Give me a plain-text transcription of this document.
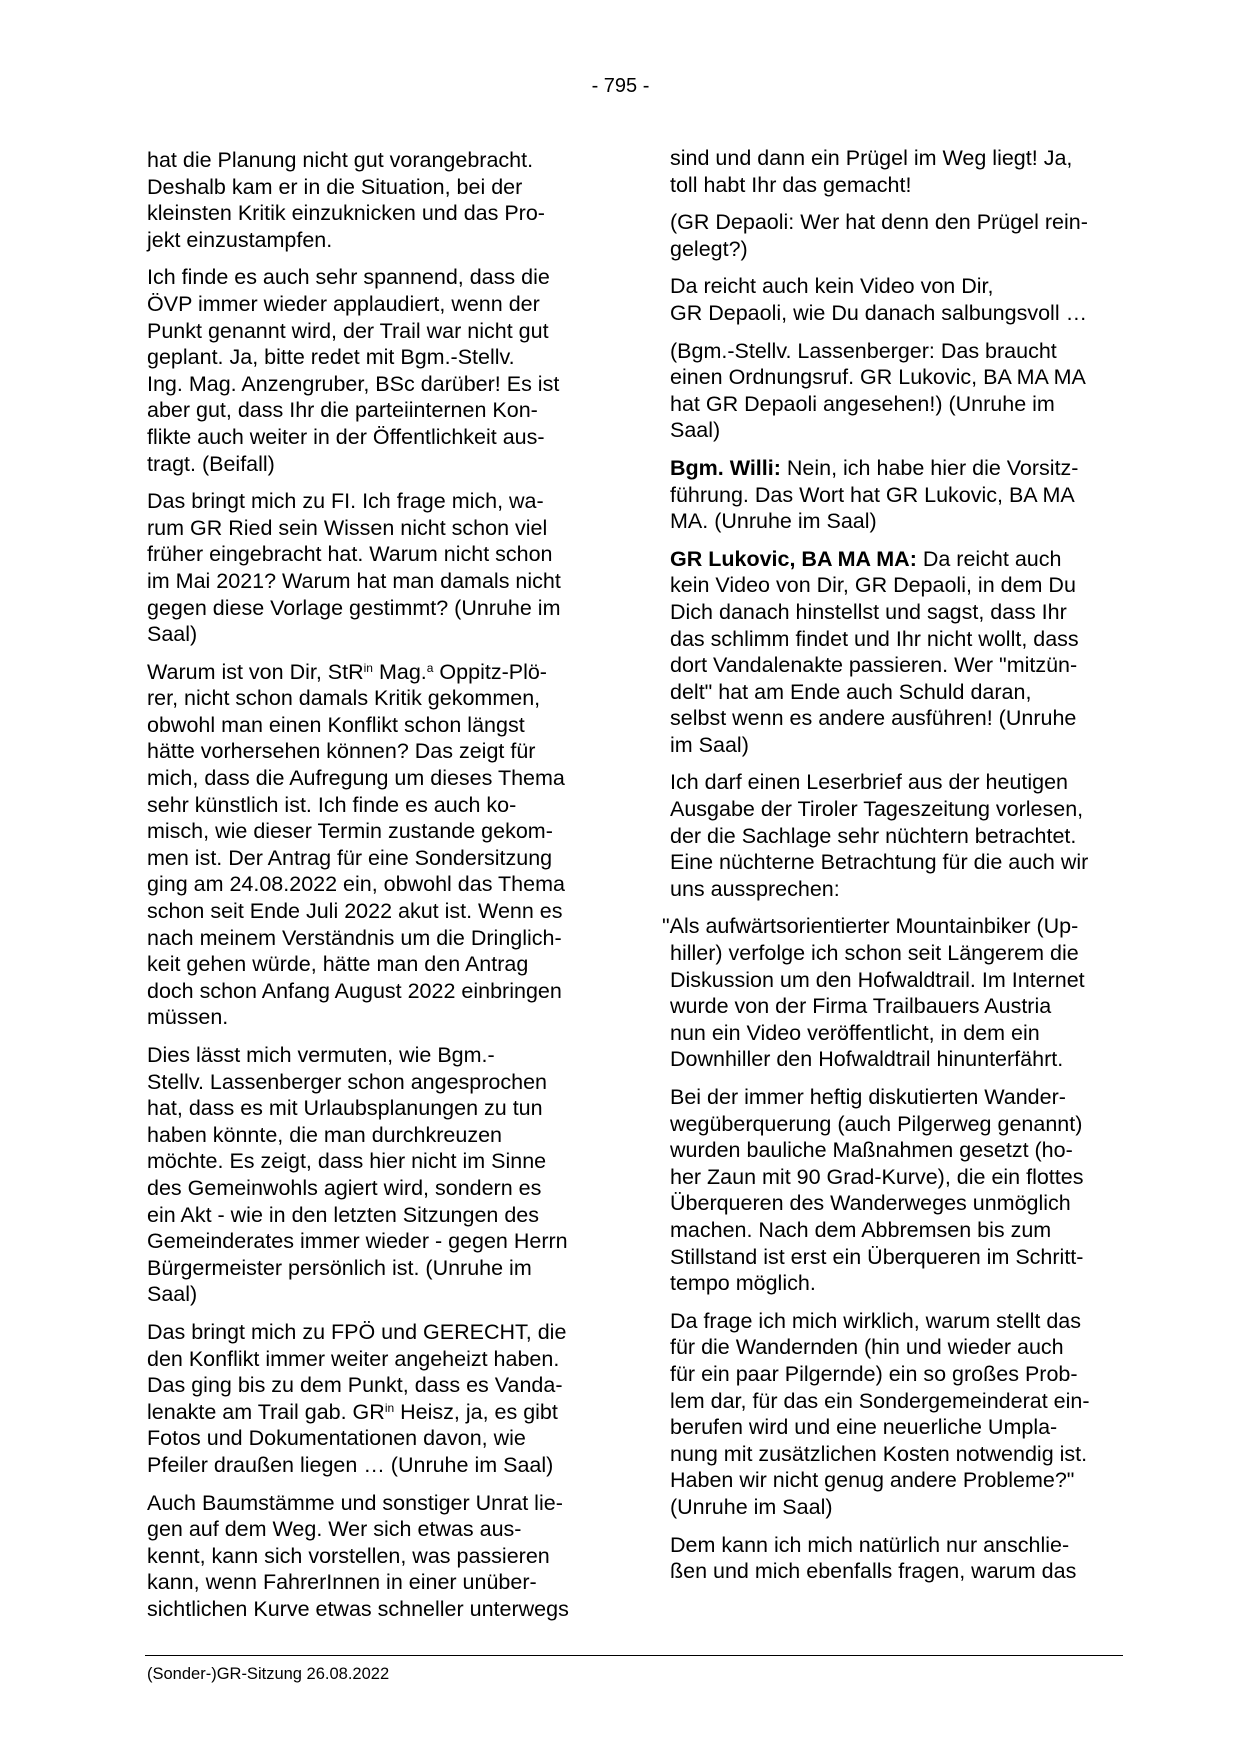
- 795 -

hat die Planung nicht gut vorangebracht.
Deshalb kam er in die Situation, bei der
kleinsten Kritik einzuknicken und das Pro-
jekt einzustampfen.

Ich finde es auch sehr spannend, dass die
ÖVP immer wieder applaudiert, wenn der
Punkt genannt wird, der Trail war nicht gut
geplant. Ja, bitte redet mit Bgm.-Stellv.
Ing. Mag. Anzengruber, BSc darüber! Es ist
aber gut, dass Ihr die parteiinternen Kon-
flikte auch weiter in der Öffentlichkeit aus-
tragt. (Beifall)

Das bringt mich zu FI. Ich frage mich, wa-
rum GR Ried sein Wissen nicht schon viel
früher eingebracht hat. Warum nicht schon
im Mai 2021? Warum hat man damals nicht
gegen diese Vorlage gestimmt? (Unruhe im
Saal)

Warum ist von Dir, StR$^{in}$ Mag.$^a$ Oppitz-Plö-
rer, nicht schon damals Kritik gekommen,
obwohl man einen Konflikt schon längst
hätte vorhersehen können? Das zeigt für
mich, dass die Aufregung um dieses Thema
sehr künstlich ist. Ich finde es auch ko-
misch, wie dieser Termin zustande gekom-
men ist. Der Antrag für eine Sondersitzung
ging am 24.08.2022 ein, obwohl das Thema
schon seit Ende Juli 2022 akut ist. Wenn es
nach meinem Verständnis um die Dringlich-
keit gehen würde, hätte man den Antrag
doch schon Anfang August 2022 einbringen
müssen.

Dies lässt mich vermuten, wie Bgm.-
Stellv. Lassenberger schon angesprochen
hat, dass es mit Urlaubsplanungen zu tun
haben könnte, die man durchkreuzen
möchte. Es zeigt, dass hier nicht im Sinne
des Gemeinwohls agiert wird, sondern es
ein Akt - wie in den letzten Sitzungen des
Gemeinderates immer wieder - gegen Herrn
Bürgermeister persönlich ist. (Unruhe im
Saal)

Das bringt mich zu FPÖ und GERECHT, die
den Konflikt immer weiter angeheizt haben.
Das ging bis zu dem Punkt, dass es Vanda-
lenakte am Trail gab. $GR^{in}$ Heisz, ja, es gibt
Fotos und Dokumentationen davon, wie
Pfeiler draußen liegen … (Unruhe im Saal)

Auch Baumstämme und sonstiger Unrat lie-
gen auf dem Weg. Wer sich etwas aus-
kennt, kann sich vorstellen, was passieren
kann, wenn FahrerInnen in einer unüber-
sichtlichen Kurve etwas schneller unterwegs

sind und dann ein Prügel im Weg liegt! Ja,
toll habt Ihr das gemacht!

(GR Depaoli: Wer hat denn den Prügel rein-
gelegt?)

Da reicht auch kein Video von Dir,
GR Depaoli, wie Du danach salbungsvoll …

(Bgm.-Stellv. Lassenberger: Das braucht
einen Ordnungsruf. GR Lukovic, BA MA MA
hat GR Depaoli angesehen!) (Unruhe im
Saal)

Bgm. Willi: Nein, ich habe hier die Vorsitz-
führung. Das Wort hat GR Lukovic, BA MA
MA. (Unruhe im Saal)

GR Lukovic, BA MA MA: Da reicht auch
kein Video von Dir, GR Depaoli, in dem Du
Dich danach hinstellst und sagst, dass Ihr
das schlimm findet und Ihr nicht wollt, dass
dort Vandalenakte passieren. Wer "mitzün-
delt" hat am Ende auch Schuld daran,
selbst wenn es andere ausführen! (Unruhe
im Saal)

Ich darf einen Leserbrief aus der heutigen
Ausgabe der Tiroler Tageszeitung vorlesen,
der die Sachlage sehr nüchtern betrachtet.
Eine nüchterne Betrachtung für die auch wir
uns aussprechen:

"Als aufwärtsorientierter Mountainbiker (Up-
hiller) verfolge ich schon seit Längerem die
Diskussion um den Hofwaldtrail. Im Internet
wurde von der Firma Trailbauers Austria
nun ein Video veröffentlicht, in dem ein
Downhiller den Hofwaldtrail hinunterfährt.

Bei der immer heftig diskutierten Wander-
wegüberquerung (auch Pilgerweg genannt)
wurden bauliche Maßnahmen gesetzt (ho-
her Zaun mit 90 Grad-Kurve), die ein flottes
Überqueren des Wanderweges unmöglich
machen. Nach dem Abbremsen bis zum
Stillstand ist erst ein Überqueren im Schritt-
tempo möglich.

Da frage ich mich wirklich, warum stellt das
für die Wandernden (hin und wieder auch
für ein paar Pilgernde) ein so großes Prob-
lem dar, für das ein Sondergemeinderat ein-
berufen wird und eine neuerliche Umpla-
nung mit zusätzlichen Kosten notwendig ist.
Haben wir nicht genug andere Probleme?"
(Unruhe im Saal)

Dem kann ich mich natürlich nur anschlie-
ßen und mich ebenfalls fragen, warum das

(Sonder-)GR-Sitzung 26.08.2022
